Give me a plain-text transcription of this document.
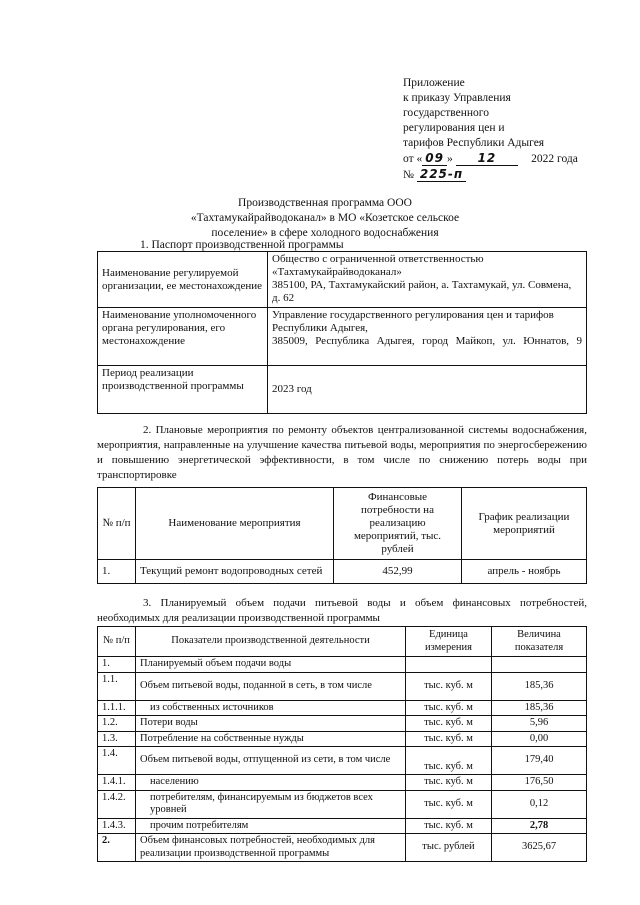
Приложение
к приказу Управления
государственного
регулирования цен и
тарифов Республики Адыгея
от « 09 » 12	2022 года
№ 225-п
Производственная программа ООО
«Тахтамукайрайводоканал» в МО «Козетское сельское
поселение» в сфере холодного водоснабжения
1. Паспорт производственной программы
Наименование регулируемой организации, ее местонахождение	Общество с ограниченной ответственностью «Тахтамукайрайводоканал»
385100, РА, Тахтамукайский район, а. Тахтамукай, ул. Совмена, д. 62

Наименование уполномоченного органа регулирования, его местонахождение	Управление государственного регулирования цен и тарифов Республики Адыгея,
385009, Республика Адыгея, город Майкоп, ул. Юннатов, 9

Период реализации производственной программы	2023 год
2. Плановые мероприятия по ремонту объектов централизованной системы водоснабжения, мероприятия, направленные на улучшение качества питьевой воды, мероприятия по энергосбережению и повышению энергетической эффективности, в том числе по снижению потерь воды при транспортировке
№ п/п	Наименование мероприятия	Финансовые потребности на реализацию мероприятий, тыс. рублей	График реализации мероприятий
1.	Текущий ремонт водопроводных сетей	452,99	апрель - ноябрь
3. Планируемый объем подачи питьевой воды и объем финансовых потребностей, необходимых для реализации производственной программы
№ п/п	Показатели производственной деятельности	Единица измерения	Величина показателя
1.	Планируемый объем подачи воды		
1.1.	Объем питьевой воды, поданной в сеть, в том числе	тыс. куб. м	185,36
1.1.1.	из собственных источников	тыс. куб. м	185,36
1.2.	Потери воды	тыс. куб. м	5,96
1.3.	Потребление на собственные нужды	тыс. куб. м	0,00
1.4.	Объем питьевой воды, отпущенной из сети, в том числе	тыс. куб. м	179,40
1.4.1.	населению	тыс. куб. м	176,50
1.4.2.	потребителям, финансируемым из бюджетов всех уровней	тыс. куб. м	0,12
1.4.3.	прочим потребителям	тыс. куб. м	2,78
2.	Объем финансовых потребностей, необходимых для реализации производственной программы	тыс. рублей	3625,67
